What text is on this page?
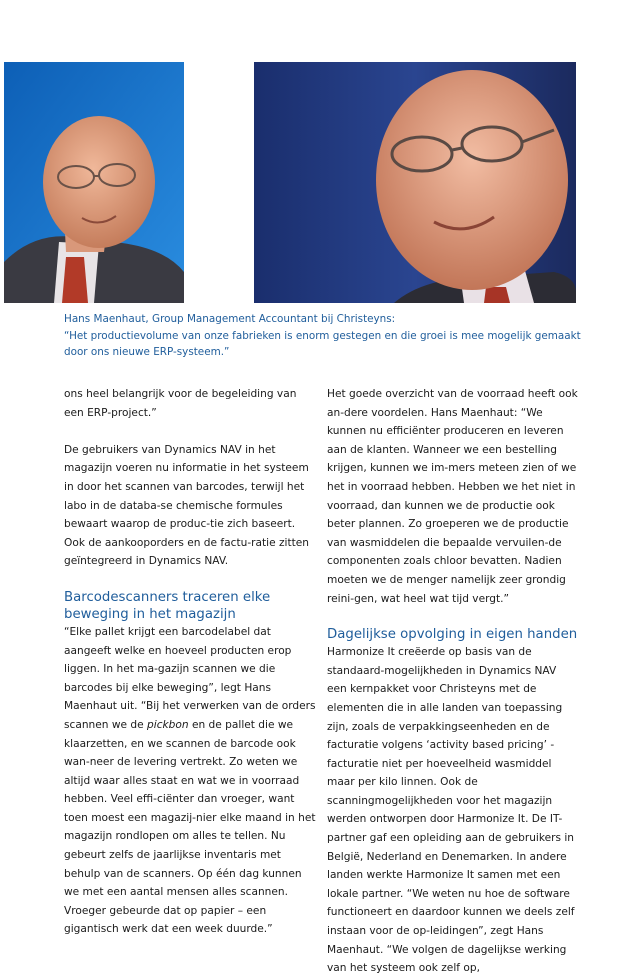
Hans Maenhaut, Group Management Accountant bij Christeyns:

“Het productievolume van onze fabrieken is enorm gestegen en die groei is mee mogelijk gemaakt door ons nieuwe ERP-systeem.”

ons heel belangrijk voor de begeleiding van een ERP-project.”

De gebruikers van Dynamics NAV in het magazijn voeren nu informatie in het systeem in door het scannen van barcodes, terwijl het labo in de databa-se chemische formules bewaart waarop de produc-tie zich baseert. Ook de aankooporders en de factu-ratie zitten geïntegreerd in Dynamics NAV.

Barcodescanners traceren elke beweging in het magazijn

“Elke pallet krijgt een barcodelabel dat aangeeft welke en hoeveel producten erop liggen. In het ma-gazijn scannen we die barcodes bij elke beweging”, legt Hans Maenhaut uit. “Bij het verwerken van de orders scannen we de pickbon en de pallet die we klaarzetten, en we scannen de barcode ook wan-neer de levering vertrekt. Zo weten we altijd waar alles staat en wat we in voorraad hebben. Veel effi-ciënter dan vroeger, want toen moest een magazij-nier elke maand in het magazijn rondlopen om alles te tellen. Nu gebeurt zelfs de jaarlijkse inventaris met behulp van de scanners. Op één dag kunnen we met een aantal mensen alles scannen. Vroeger gebeurde dat op papier – een gigantisch werk dat een week duurde.”

Het goede overzicht van de voorraad heeft ook an-dere voordelen. Hans Maenhaut: “We kunnen nu efficiënter produceren en leveren aan de klanten. Wanneer we een bestelling krijgen, kunnen we im-mers meteen zien of we het in voorraad hebben. Hebben we het niet in voorraad, dan kunnen we de productie ook beter plannen. Zo groeperen we de productie van wasmiddelen die bepaalde vervuilen-de componenten zoals chloor bevatten. Nadien moeten we de menger namelijk zeer grondig reini-gen, wat heel wat tijd vergt.”

Dagelijkse opvolging in eigen handen

Harmonize It creëerde op basis van de standaard-mogelijkheden in Dynamics NAV een kernpakket voor Christeyns met de elementen die in alle landen van toepassing zijn, zoals de verpakkingseenheden en de facturatie volgens ‘activity based pricing’ - facturatie niet per hoeveelheid wasmiddel maar per kilo linnen. Ook de scanningmogelijkheden voor het magazijn werden ontworpen door Harmonize It. De IT-partner gaf een opleiding aan de gebruikers in België, Nederland en Denemarken. In andere landen werkte Harmonize It samen met een lokale partner. “We weten nu hoe de software functioneert en daardoor kunnen we deels zelf instaan voor de op-leidingen”, zegt Hans Maenhaut. “We volgen de dagelijkse werking van het systeem ook zelf op,
